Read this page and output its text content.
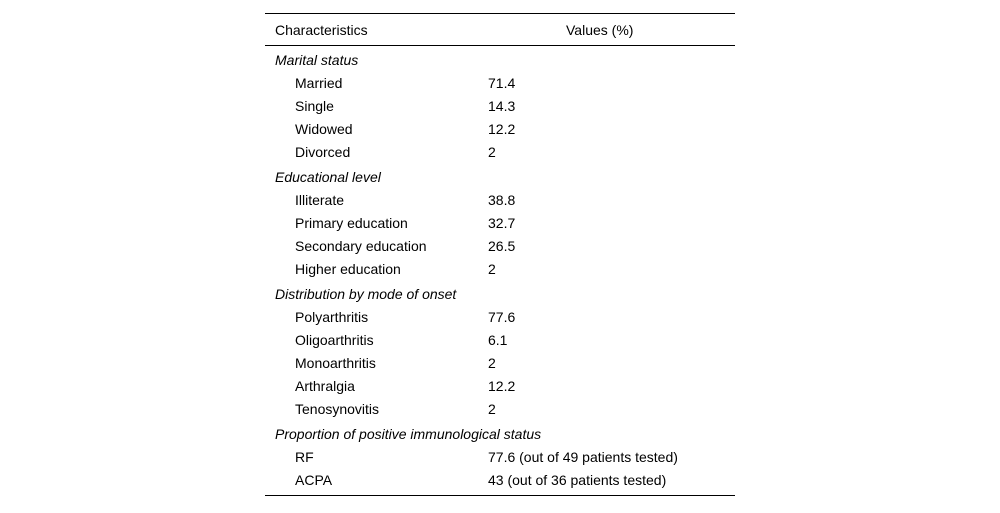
Characteristics	Values (%)
Marital status
Married	71.4
Single	14.3
Widowed	12.2
Divorced	2
Educational level
Illiterate	38.8
Primary education	32.7
Secondary education	26.5
Higher education	2
Distribution by mode of onset
Polyarthritis	77.6
Oligoarthritis	6.1
Monoarthritis	2
Arthralgia	12.2
Tenosynovitis	2
Proportion of positive immunological status
RF	77.6 (out of 49 patients tested)
ACPA	43 (out of 36 patients tested)
